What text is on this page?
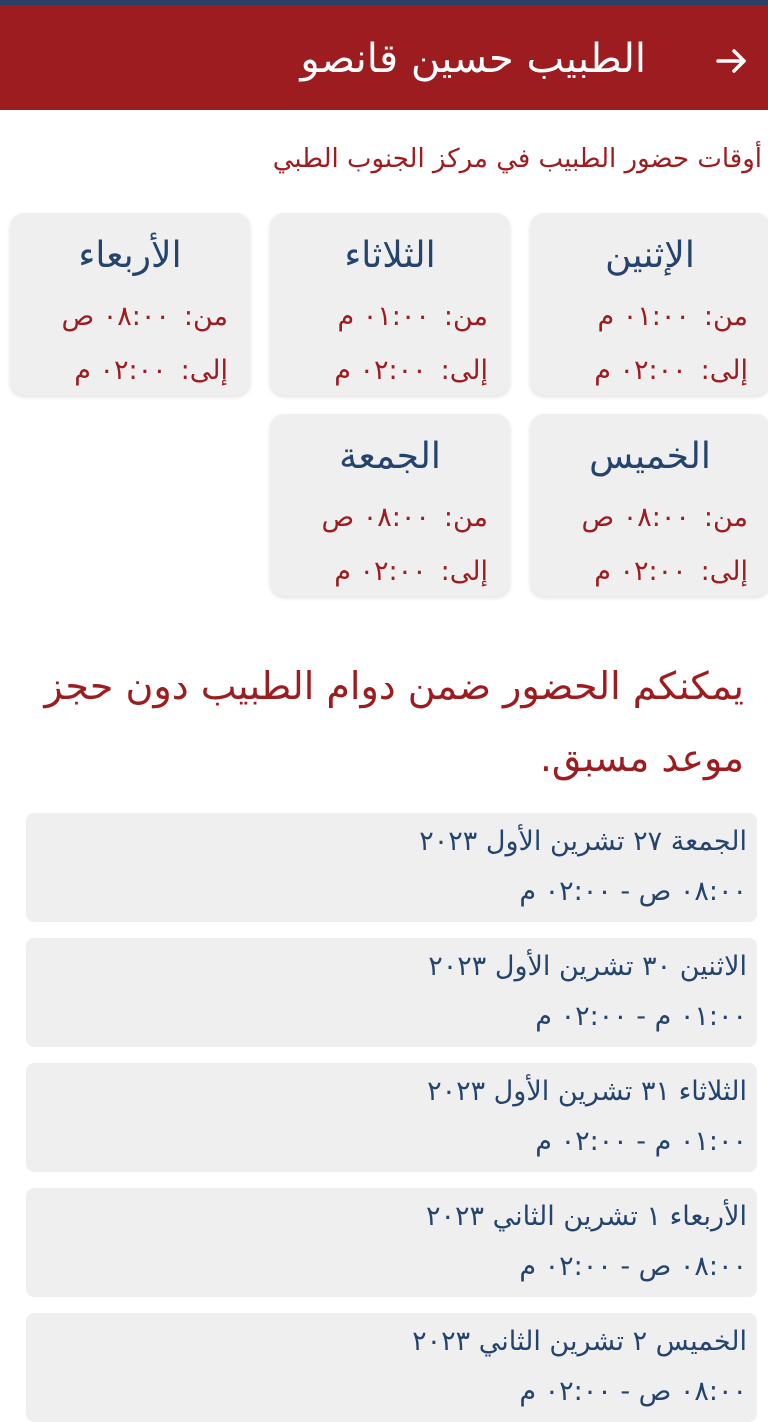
الطبيب حسين قانصو
أوقات حضور الطبيب في مركز الجنوب الطبي
الإثنين
من:٠١:٠٠ م
إلى:٠٢:٠٠ م
الثلاثاء
من:٠١:٠٠ م
إلى:٠٢:٠٠ م
الأربعاء
من:٠٨:٠٠ ص
إلى:٠٢:٠٠ م
الخميس
من:٠٨:٠٠ ص
إلى:٠٢:٠٠ م
الجمعة
من:٠٨:٠٠ ص
إلى:٠٢:٠٠ م
يمكنكم الحضور ضمن دوام الطبيب دون حجز موعد مسبق.
الجمعة ٢٧ تشرين الأول ٢٠٢٣
٠٨:٠٠ ص - ٠٢:٠٠ م
الاثنين ٣٠ تشرين الأول ٢٠٢٣
٠١:٠٠ م - ٠٢:٠٠ م
الثلاثاء ٣١ تشرين الأول ٢٠٢٣
٠١:٠٠ م - ٠٢:٠٠ م
الأربعاء ١ تشرين الثاني ٢٠٢٣
٠٨:٠٠ ص - ٠٢:٠٠ م
الخميس ٢ تشرين الثاني ٢٠٢٣
٠٨:٠٠ ص - ٠٢:٠٠ م
